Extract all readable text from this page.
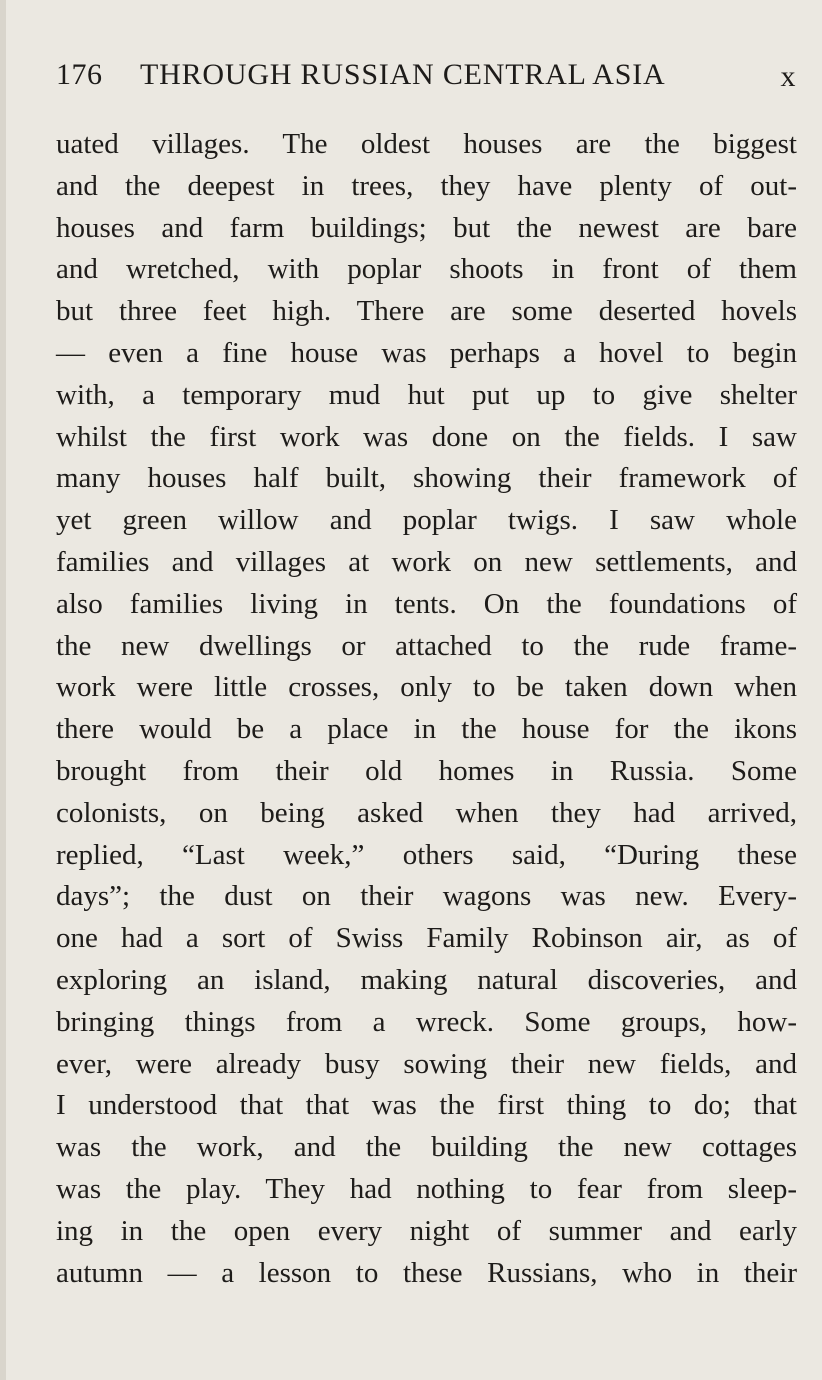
176 THROUGH RUSSIAN CENTRAL ASIA	x
uated villages. The oldest houses are the biggest
and the deepest in trees, they have plenty of out-
houses and farm buildings; but the newest are bare
and wretched, with poplar shoots in front of them
but three feet high. There are some deserted hovels
— even a fine house was perhaps a hovel to begin
with, a temporary mud hut put up to give shelter
whilst the first work was done on the fields. I saw
many houses half built, showing their framework of
yet green willow and poplar twigs. I saw whole
families and villages at work on new settlements, and
also families living in tents. On the foundations of
the new dwellings or attached to the rude frame-
work were little crosses, only to be taken down when
there would be a place in the house for the ikons
brought from their old homes in Russia. Some
colonists, on being asked when they had arrived,
replied, “Last week,” others said, “During these
days”; the dust on their wagons was new. Every-
one had a sort of Swiss Family Robinson air, as of
exploring an island, making natural discoveries, and
bringing things from a wreck. Some groups, how-
ever, were already busy sowing their new fields, and
I understood that that was the first thing to do; that
was the work, and the building the new cottages
was the play. They had nothing to fear from sleep-
ing in the open every night of summer and early
autumn — a lesson to these Russians, who in their
